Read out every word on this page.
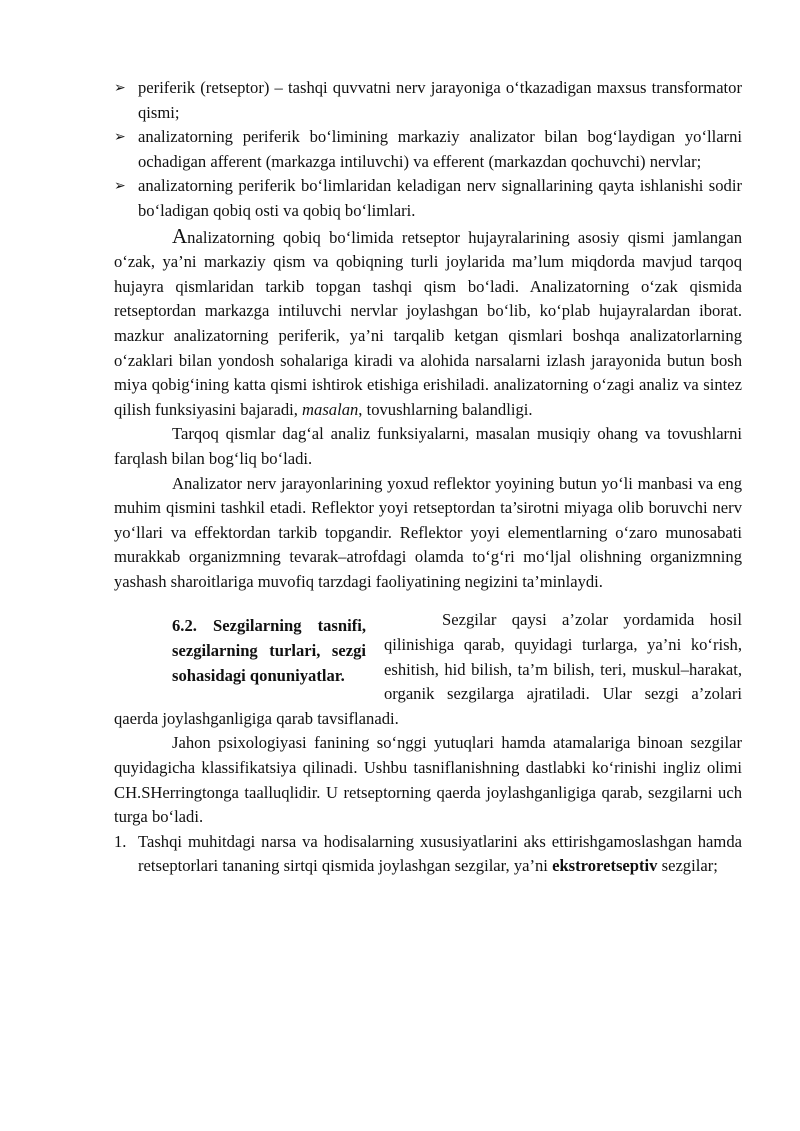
➢ periferik (retseptor) – tashqi quvvatni nerv jarayoniga o‘tkazadigan maxsus transformator qismi;
➢ analizatorning periferik bo‘limining markaziy analizator bilan bog‘laydigan yo‘llarni ochadigan afferent (markazga intiluvchi) va efferent (markazdan qochuvchi) nervlar;
➢ analizatorning periferik bo‘limlaridan keladigan nerv signallarining qayta ishlanishi sodir bo‘ladigan qobiq osti va qobiq bo‘limlari.

Analizatorning qobiq bo‘limida retseptor hujayralarining asosiy qismi jamlangan o‘zak, ya’ni markaziy qism va qobiqning turli joylarida ma’lum miqdorda mavjud tarqoq hujayra qismlaridan tarkib topgan tashqi qism bo‘ladi. Analizatorning o‘zak qismida retseptordan markazga intiluvchi nervlar joylashgan bo‘lib, ko‘plab hujayralardan iborat. mazkur analizatorning periferik, ya’ni tarqalib ketgan qismlari boshqa analizatorlarning o‘zaklari bilan yondosh sohalariga kiradi va alohida narsalarni izlash jarayonida butun bosh miya qobig‘ining katta qismi ishtirok etishiga erishiladi. analizatorning o‘zagi analiz va sintez qilish funksiyasini bajaradi, masalan, tovushlarning balandligi.

Tarqoq qismlar dag‘al analiz funksiyalarni, masalan musiqiy ohang va tovushlarni farqlash bilan bog‘liq bo‘ladi.

Analizator nerv jarayonlarining yoxud reflektor yoyining butun yo‘li manbasi va eng muhim qismini tashkil etadi. Reflektor yoyi retseptordan ta’sirotni miyaga olib boruvchi nerv yo‘llari va effektordan tarkib topgandir. Reflektor yoyi elementlarning o‘zaro munosabati murakkab organizmning tevarak–atrofdagi olamda to‘g‘ri mo‘ljal olishning organizmning yashash sharoitlariga muvofiq tarzdagi faoliyatining negizini ta’minlaydi.

6.2. Sezgilarning tasnifi, sezgilarning turlari, sezgi sohasidagi qonuniyatlar.

Sezgilar qaysi a’zolar yordamida hosil qilinishiga qarab, quyidagi turlarga, ya’ni ko‘rish, eshitish, hid bilish, ta’m bilish, teri, muskul–harakat, organik sezgilarga ajratiladi. Ular sezgi a’zolari qaerda joylashganligiga qarab tavsiflanadi.

Jahon psixologiyasi fanining so‘nggi yutuqlari hamda atamalariga binoan sezgilar quyidagicha klassifikatsiya qilinadi. Ushbu tasniflanishning dastlabki ko‘rinishi ingliz olimi CH.SHerringtonga taalluqlidir. U retseptorning qaerda joylashganligiga qarab, sezgilarni uch turga bo‘ladi.

1. Tashqi muhitdagi narsa va hodisalarning xususiyatlarini aks ettirishgamoslashgan hamda retseptorlari tananing sirtqi qismida joylashgan sezgilar, ya’ni ekstroretseptiv sezgilar;
